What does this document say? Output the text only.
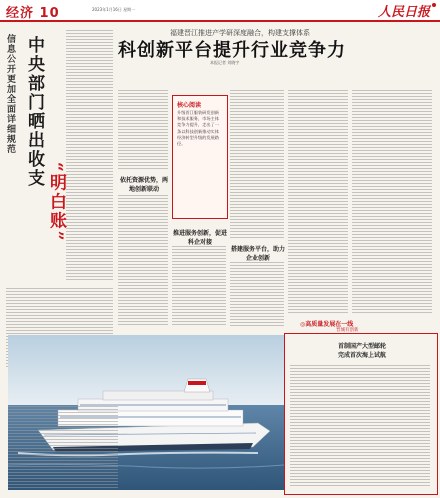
经济 10	2023年1月16日 星期一	人民日报
信息公开更加全面详细规范 中央部门晒出收支
“明白账”
福建晋江推进产学研深度融合，构建支撑体系
科创新平台提升行业竞争力
本报记者 刘晓宇
依托资源优势，两地创新联动
核心阅读
升级晋江服装研发创新和技术服务，市场主体竞争力提升，走出了一条以科技创新推动实体经济转型升级的发展路径。
推进服务创新，促进科企对接
搭建服务平台，助力企业创新
◎高质量发展在一线
晋城有创新
首制国产大型邮轮
完成首次海上试航
